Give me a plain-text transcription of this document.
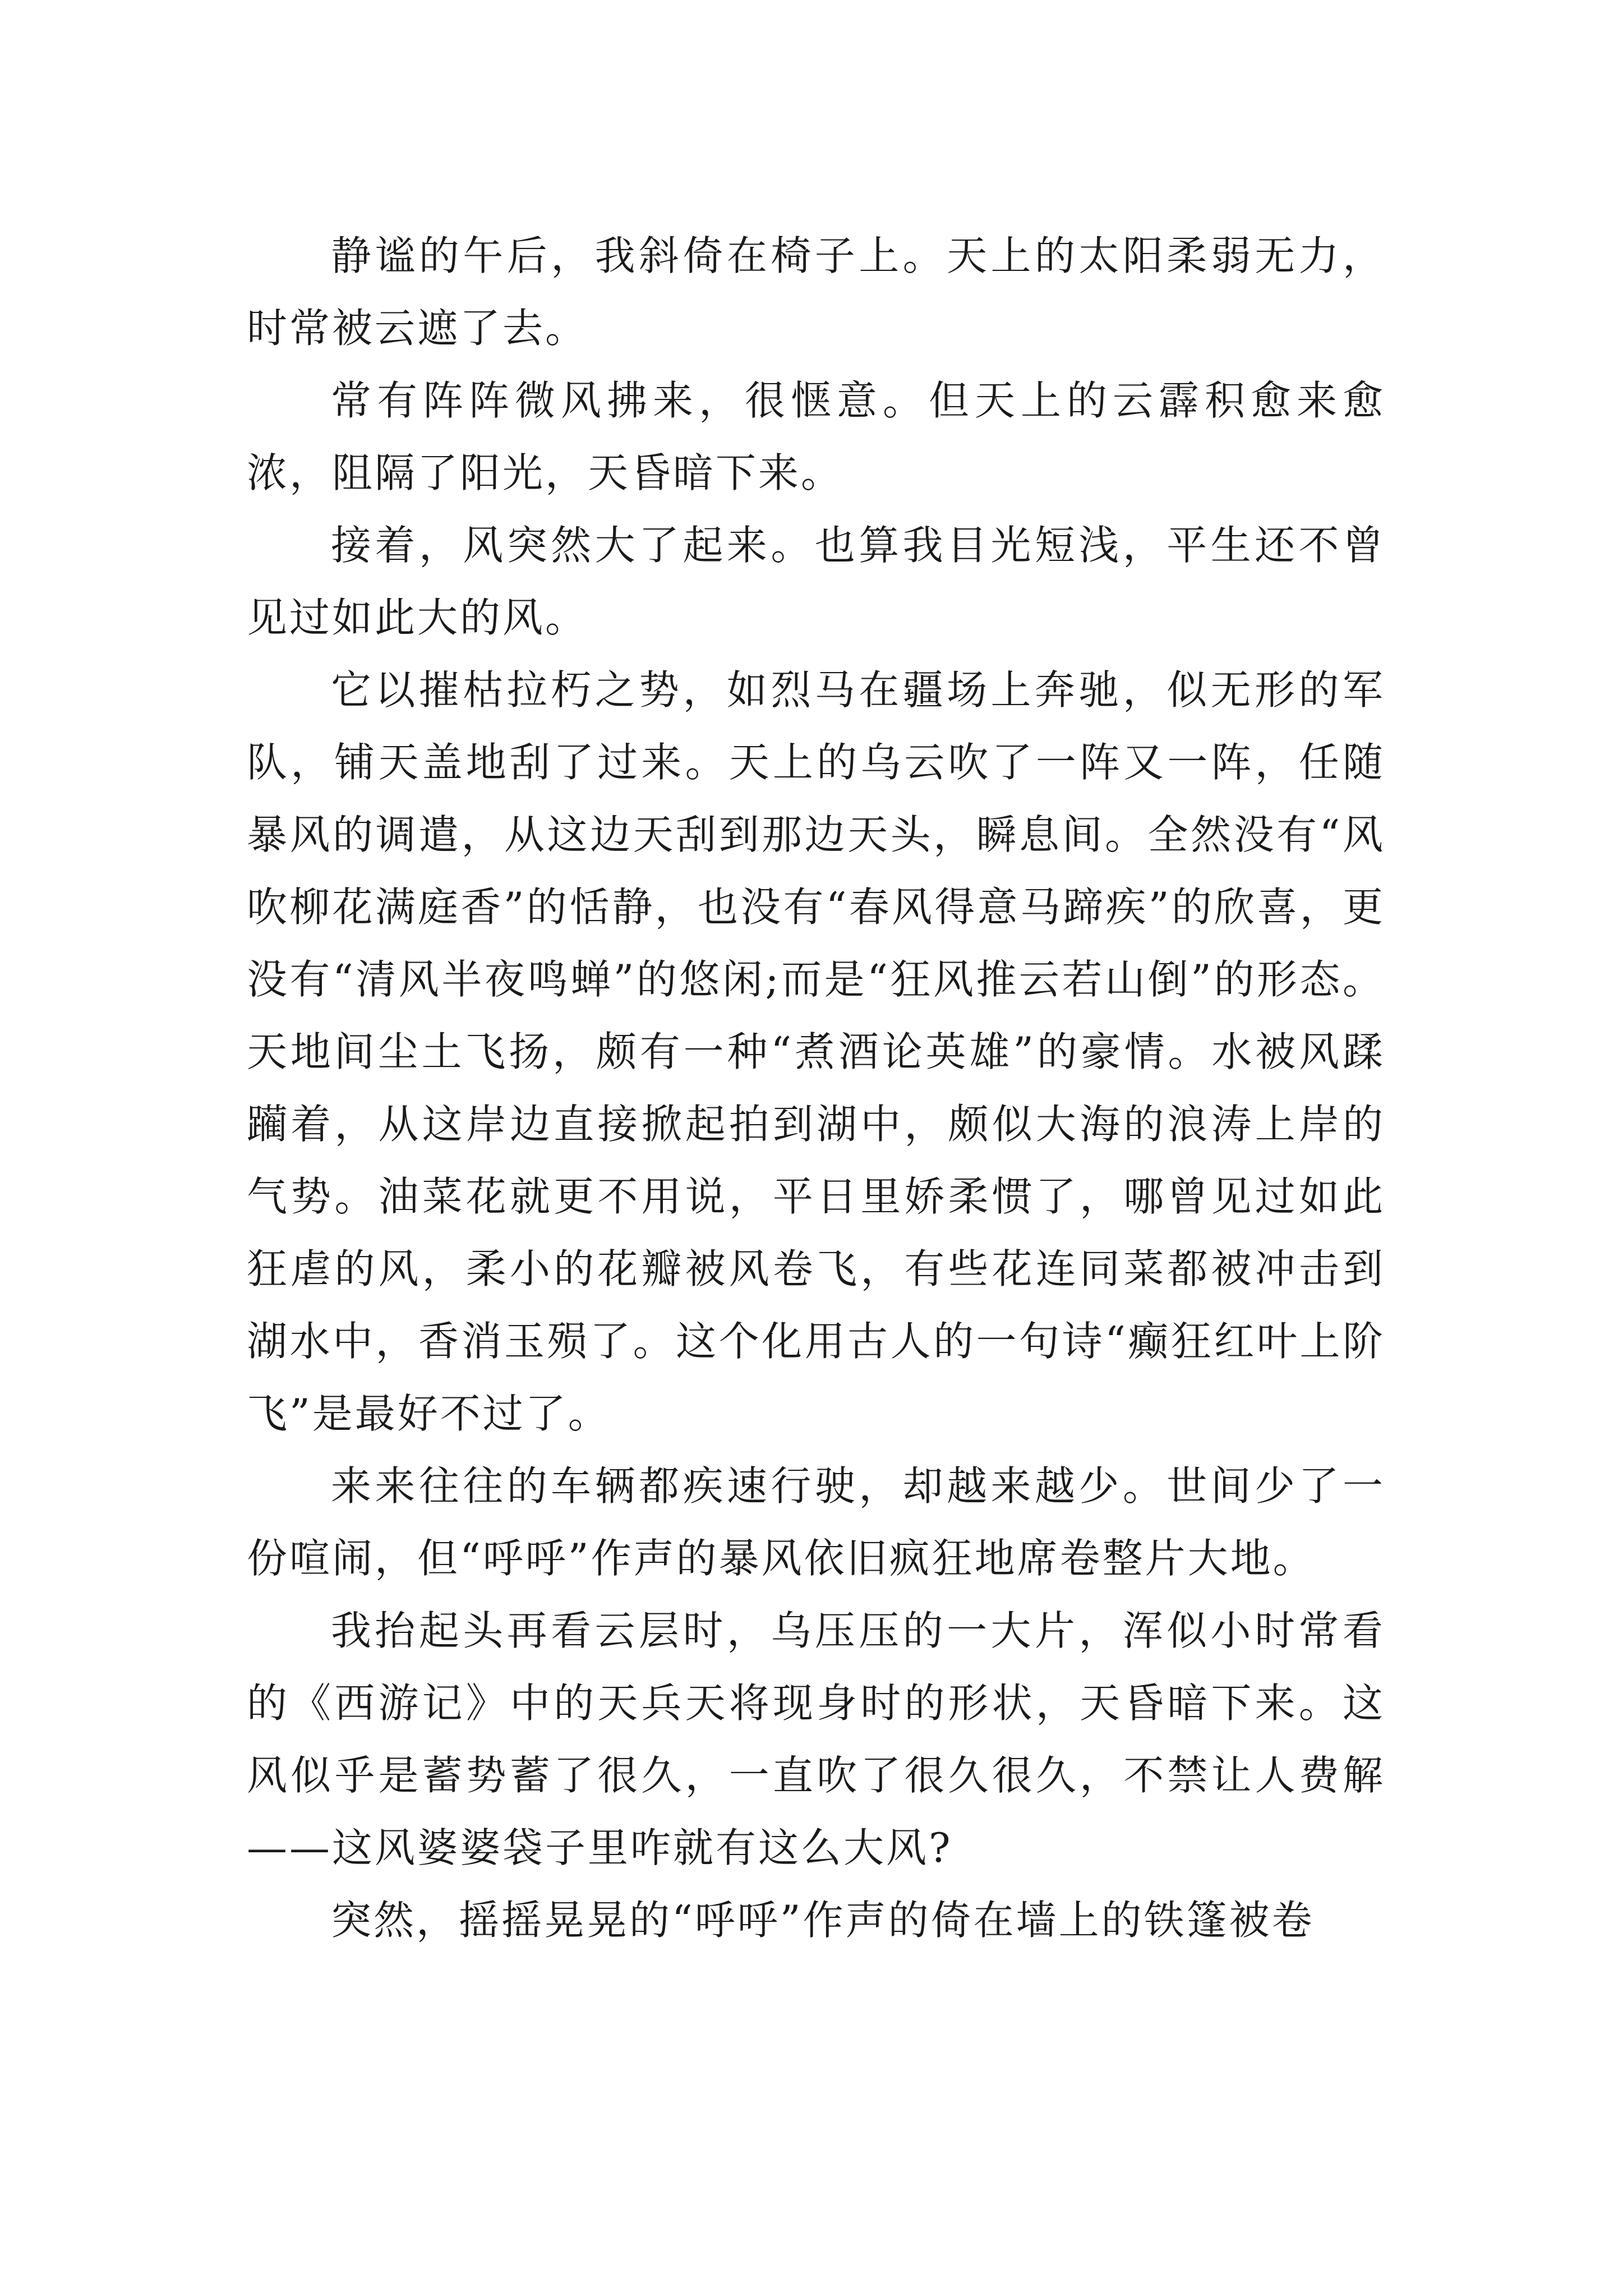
静谧的午后，我斜倚在椅子上。天上的太阳柔弱无力，时常被云遮了去。

常有阵阵微风拂来，很惬意。但天上的云霹积愈来愈浓，阻隔了阳光，天昏暗下来。

接着，风突然大了起来。也算我目光短浅，平生还不曾见过如此大的风。

它以摧枯拉朽之势，如烈马在疆场上奔驰，似无形的军队，铺天盖地刮了过来。天上的乌云吹了一阵又一阵，任随暴风的调遣，从这边天刮到那边天头，瞬息间。全然没有“风吹柳花满庭香”的恬静，也没有“春风得意马蹄疾”的欣喜，更没有“清风半夜鸣蝉”的悠闲;而是“狂风推云若山倒”的形态。天地间尘土飞扬，颇有一种“煮酒论英雄”的豪情。水被风蹂躏着，从这岸边直接掀起拍到湖中，颇似大海的浪涛上岸的气势。油菜花就更不用说，平日里娇柔惯了，哪曾见过如此狂虐的风，柔小的花瓣被风卷飞，有些花连同菜都被冲击到湖水中，香消玉殒了。这个化用古人的一句诗“癫狂红叶上阶飞”是最好不过了。

来来往往的车辆都疾速行驶，却越来越少。世间少了一份喧闹，但“呼呼”作声的暴风依旧疯狂地席卷整片大地。

我抬起头再看云层时，乌压压的一大片，浑似小时常看的《西游记》中的天兵天将现身时的形状，天昏暗下来。这风似乎是蓄势蓄了很久，一直吹了很久很久，不禁让人费解——这风婆婆袋子里咋就有这么大风?

突然，摇摇晃晃的“呼呼”作声的倚在墙上的铁篷被卷
